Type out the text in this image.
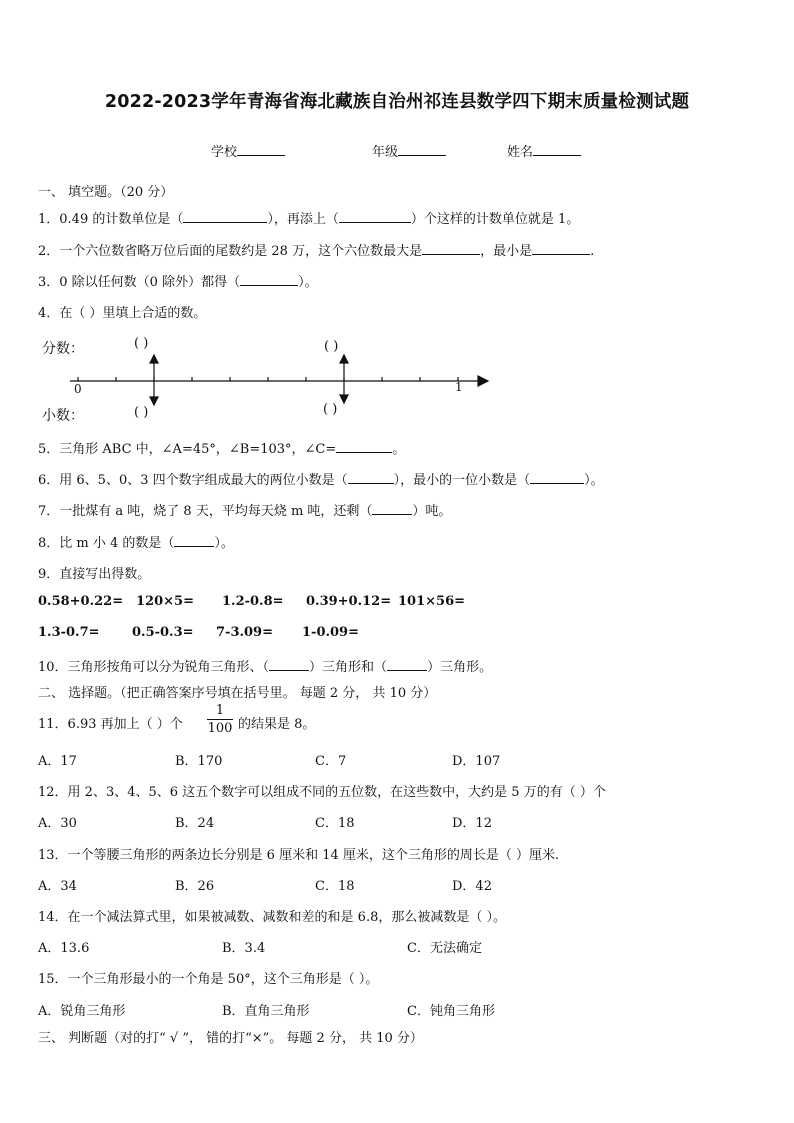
2022-2023学年青海省海北藏族自治州祁连县数学四下期末质量检测试题
学校	年级	姓名
一、 填空题。（20 分）
1．0.49 的计数单位是（	），再添上（	）个这样的计数单位就是 1。
2．一个六位数省略万位后面的尾数约是 28 万，这个六位数最大是	，最小是	.
3．0 除以任何数（0 除外）都得（	）。
4．在（ ）里填上合适的数。
分数：
小数：
( )	( )
( )	( )
0	1
5．三角形 ABC 中，∠A=45°，∠B=103°，∠C=	。
6．用 6、5、0、3 四个数字组成最大的两位小数是（	），最小的一位小数是（	）。
7．一批煤有 a 吨，烧了 8 天，平均每天烧 m 吨，还剩（	）吨。
8．比 m 小 4 的数是（	）。
9．直接写出得数。
0.58+0.22= 120×5= 1.2-0.8= 0.39+0.12= 101×56=
1.3-0.7= 0.5-0.3= 7-3.09= 1-0.09=
10．三角形按角可以分为锐角三角形、（	）三角形和（	）三角形。
二、 选择题。（把正确答案序号填在括号里。 每题 2 分， 共 10 分）
11．6.93 再加上（ ）个 $\frac{1}{100}$ 的结果是 8。
A．17	B．170	C．7	D．107
12．用 2、3、4、5、6 这五个数字可以组成不同的五位数，在这些数中，大约是 5 万的有（ ）个
A．30	B．24	C．18	D．12
13．一个等腰三角形的两条边长分别是 6 厘米和 14 厘米，这个三角形的周长是（ ）厘米.
A．34	B．26	C．18	D．42
14．在一个减法算式里，如果被减数、减数和差的和是 6.8，那么被减数是（ ）。
A．13.6	B．3.4	C．无法确定
15．一个三角形最小的一个角是 50°，这个三角形是（ ）。
A．锐角三角形	B．直角三角形	C．钝角三角形
三、 判断题（对的打“ √ ”， 错的打“×”。 每题 2 分， 共 10 分）
